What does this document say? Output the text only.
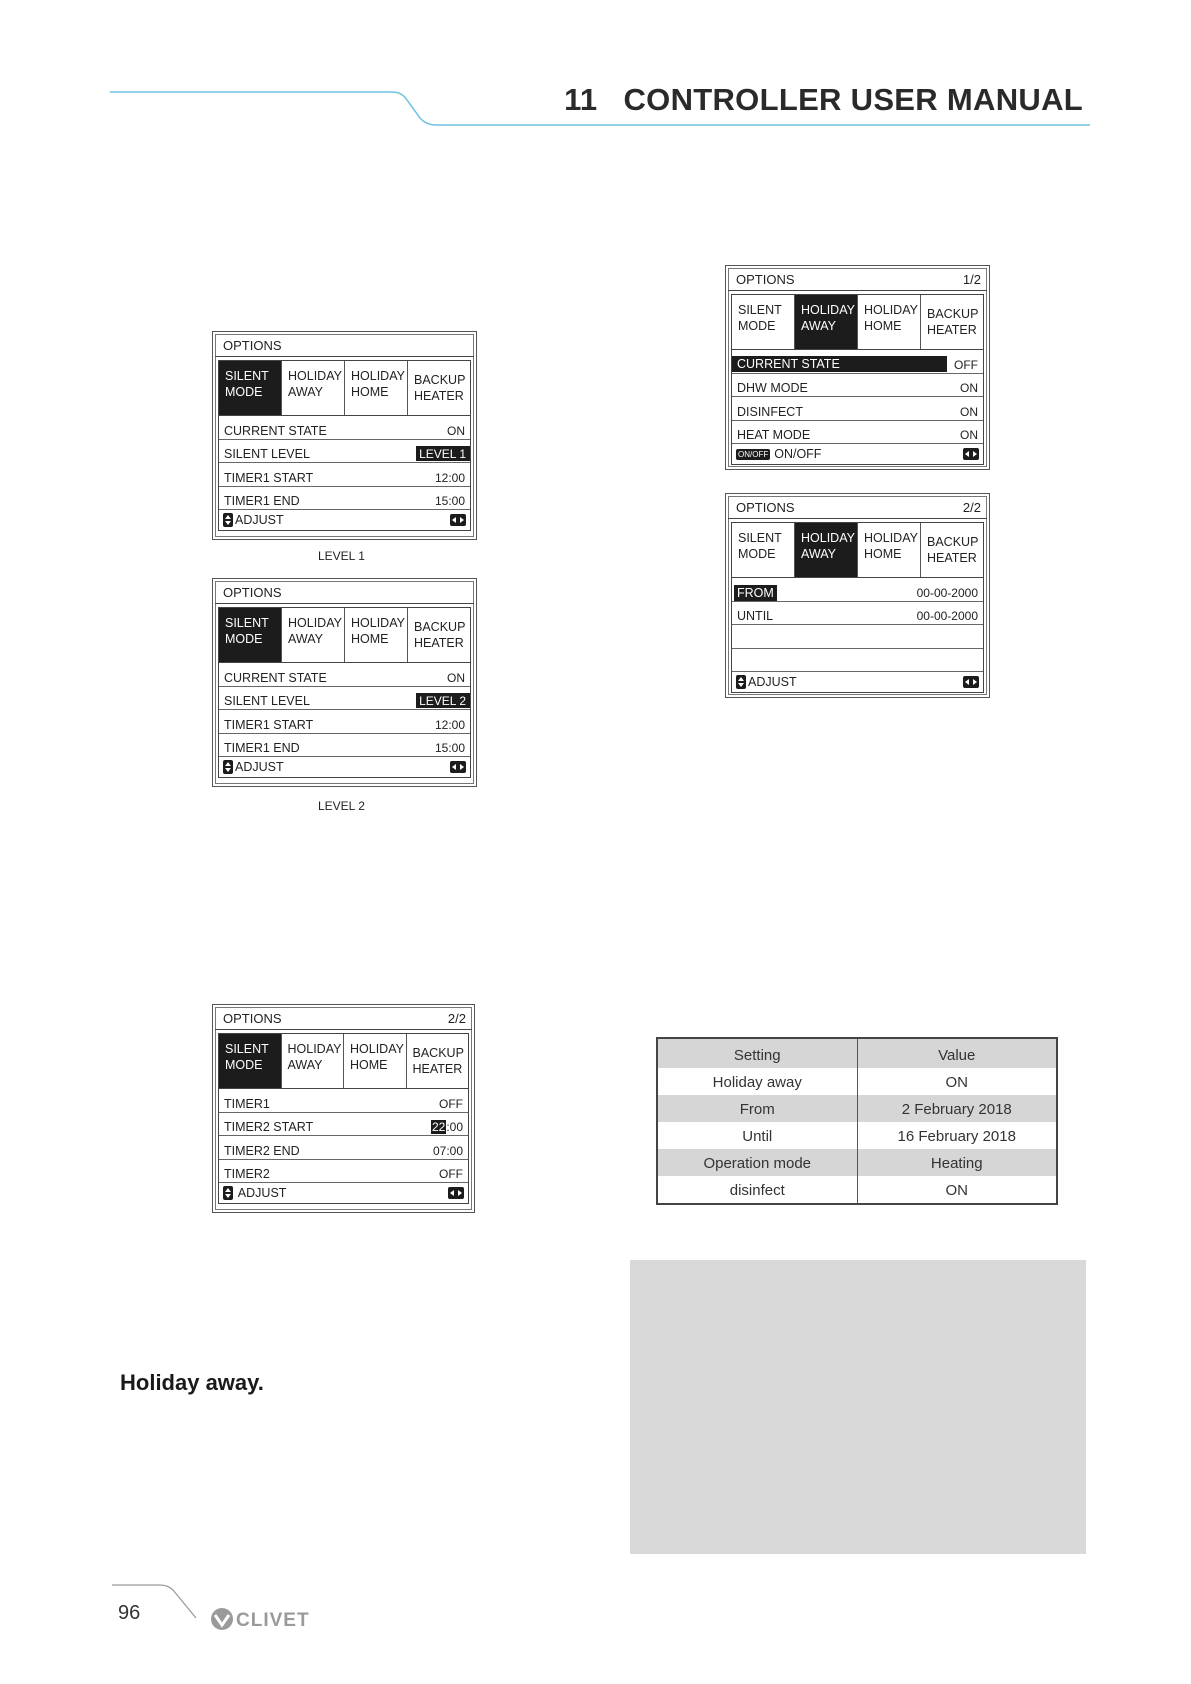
11 CONTROLLER USER MANUAL
OPTIONS
SILENT
MODE
HOLIDAY
AWAY
HOLIDAY
HOME
BACKUP
HEATER
CURRENT STATE	ON
SILENT LEVEL	LEVEL 1
TIMER1 START	12:00
TIMER1 END	15:00
ADJUST
LEVEL 1
OPTIONS
SILENT
MODE
HOLIDAY
AWAY
HOLIDAY
HOME
BACKUP
HEATER
CURRENT STATE	ON
SILENT LEVEL	LEVEL 2
TIMER1 START	12:00
TIMER1 END	15:00
ADJUST
LEVEL 2
OPTIONS	2/2
SILENT
MODE
HOLIDAY
AWAY
HOLIDAY
HOME
BACKUP
HEATER
TIMER1	OFF
TIMER2 START	22:00
TIMER2 END	07:00
TIMER2	OFF
ADJUST
OPTIONS	1/2
SILENT
MODE
HOLIDAY
AWAY
HOLIDAY
HOME
BACKUP
HEATER
CURRENT STATE	OFF
DHW MODE	ON
DISINFECT	ON
HEAT MODE	ON
ON/OFF ON/OFF
OPTIONS	2/2
SILENT
MODE
HOLIDAY
AWAY
HOLIDAY
HOME
BACKUP
HEATER
FROM	00-00-2000
UNTIL	00-00-2000
ADJUST
Setting	Value
Holiday away	ON
From	2 February 2018
Until	16 February 2018
Operation mode	Heating
disinfect	ON
Holiday away.
96	CLIVET
